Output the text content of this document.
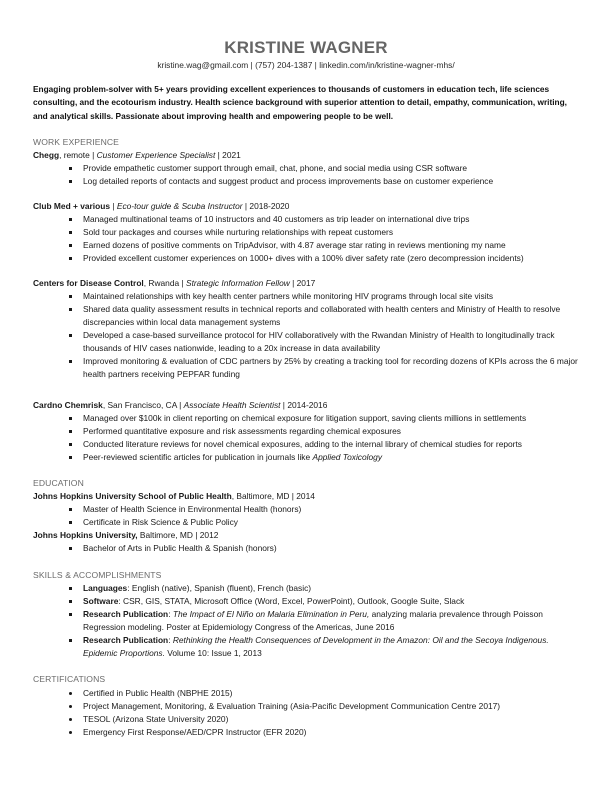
KRISTINE WAGNER
kristine.wag@gmail.com | (757) 204-1387 | linkedin.com/in/kristine-wagner-mhs/
Engaging problem-solver with 5+ years providing excellent experiences to thousands of customers in education tech, life sciences consulting, and the ecotourism industry. Health science background with superior attention to detail, empathy, communication, writing, and analytical skills. Passionate about improving health and empowering people to be well.
WORK EXPERIENCE
Chegg, remote | Customer Experience Specialist | 2021
Provide empathetic customer support through email, chat, phone, and social media using CSR software
Log detailed reports of contacts and suggest product and process improvements base on customer experience
Club Med + various | Eco-tour guide & Scuba Instructor | 2018-2020
Managed multinational teams of 10 instructors and 40 customers as trip leader on international dive trips
Sold tour packages and courses while nurturing relationships with repeat customers
Earned dozens of positive comments on TripAdvisor, with 4.87 average star rating in reviews mentioning my name
Provided excellent customer experiences on 1000+ dives with a 100% diver safety rate (zero decompression incidents)
Centers for Disease Control, Rwanda | Strategic Information Fellow | 2017
Maintained relationships with key health center partners while monitoring HIV programs through local site visits
Shared data quality assessment results in technical reports and collaborated with health centers and Ministry of Health to resolve discrepancies within local data management systems
Developed a case-based surveillance protocol for HIV collaboratively with the Rwandan Ministry of Health to longitudinally track thousands of HIV cases nationwide, leading to a 20x increase in data availability
Improved monitoring & evaluation of CDC partners by 25% by creating a tracking tool for recording dozens of KPIs across the 6 major health partners receiving PEPFAR funding
Cardno Chemrisk, San Francisco, CA | Associate Health Scientist | 2014-2016
Managed over $100k in client reporting on chemical exposure for litigation support, saving clients millions in settlements
Performed quantitative exposure and risk assessments regarding chemical exposures
Conducted literature reviews for novel chemical exposures, adding to the internal library of chemical studies for reports
Peer-reviewed scientific articles for publication in journals like Applied Toxicology
EDUCATION
Johns Hopkins University School of Public Health, Baltimore, MD | 2014
Master of Health Science in Environmental Health (honors)
Certificate in Risk Science & Public Policy
Johns Hopkins University, Baltimore, MD | 2012
Bachelor of Arts in Public Health & Spanish (honors)
SKILLS & ACCOMPLISHMENTS
Languages: English (native), Spanish (fluent), French (basic)
Software: CSR, GIS, STATA, Microsoft Office (Word, Excel, PowerPoint), Outlook, Google Suite, Slack
Research Publication: The Impact of El Niño on Malaria Elimination in Peru, analyzing malaria prevalence through Poisson Regression modeling. Poster at Epidemiology Congress of the Americas, June 2016
Research Publication: Rethinking the Health Consequences of Development in the Amazon: Oil and the Secoya Indigenous. Epidemic Proportions. Volume 10: Issue 1, 2013
CERTIFICATIONS
Certified in Public Health (NBPHE 2015)
Project Management, Monitoring, & Evaluation Training (Asia-Pacific Development Communication Centre 2017)
TESOL (Arizona State University 2020)
Emergency First Response/AED/CPR Instructor (EFR 2020)
